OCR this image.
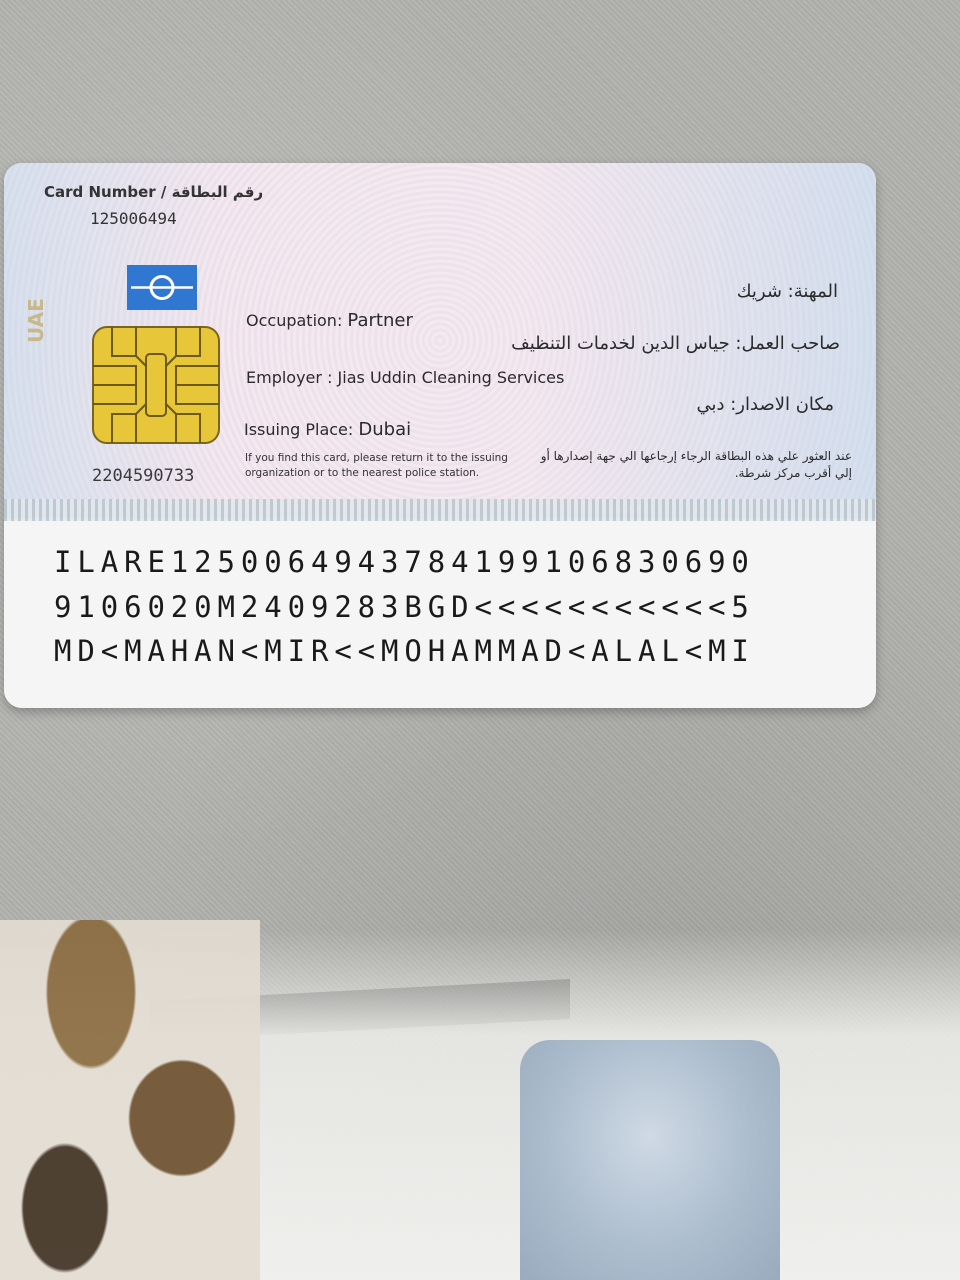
Card Number / رقم البطاقة
125006494
UAE
2204590733
Occupation: Partner
Employer : Jias Uddin Cleaning Services
Issuing Place: Dubai
If you find this card, please return it to the issuing organization or to the nearest police station.
المهنة: شريك
صاحب العمل: جياس الدين لخدمات التنظيف
مكان الاصدار: دبي
عند العثور علي هذه البطاقة الرجاء إرجاعها الي جهة إصدارها أو إلي أقرب مركز شرطة.
ILARE1250064943784199106830690
9106020M2409283BGD<<<<<<<<<<<5
MD<MAHAN<MIR<<MOHAMMAD<ALAL<MI
